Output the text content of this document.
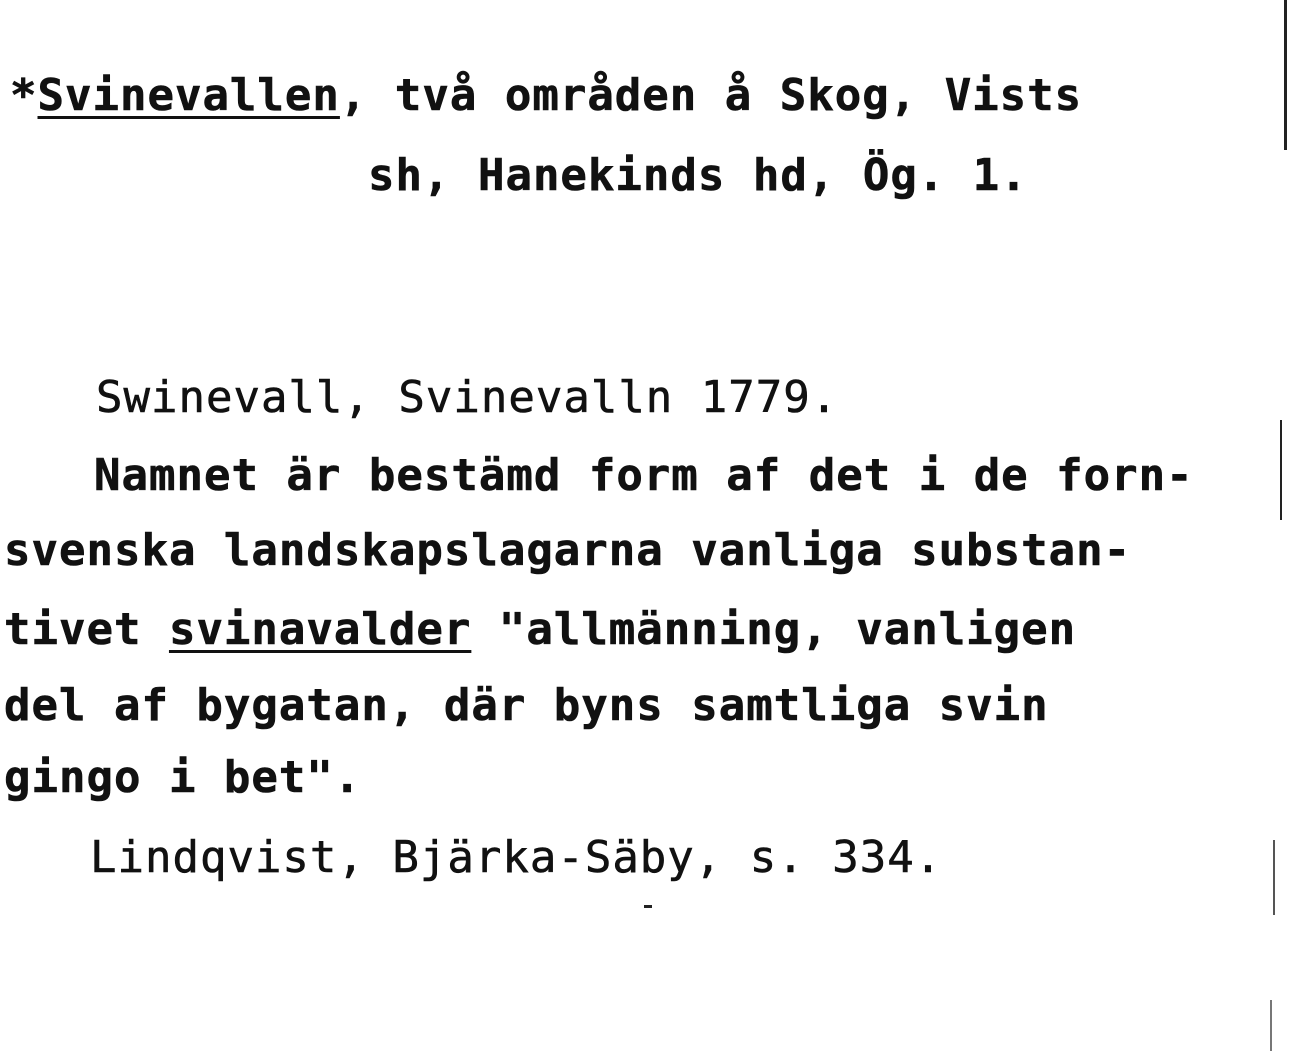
*Svinevallen, två områden å Skog, Vists
sh, Hanekinds hd, Ög. 1.
Swinevall, Svinevalln 1779.
Namnet är bestämd form af det i de forn-
svenska landskapslagarna vanliga substan-
tivet svinavalder "allmänning, vanligen
del af bygatan, där byns samtliga svin
gingo i bet".
Lindqvist, Bjärka-Säby, s. 334.
